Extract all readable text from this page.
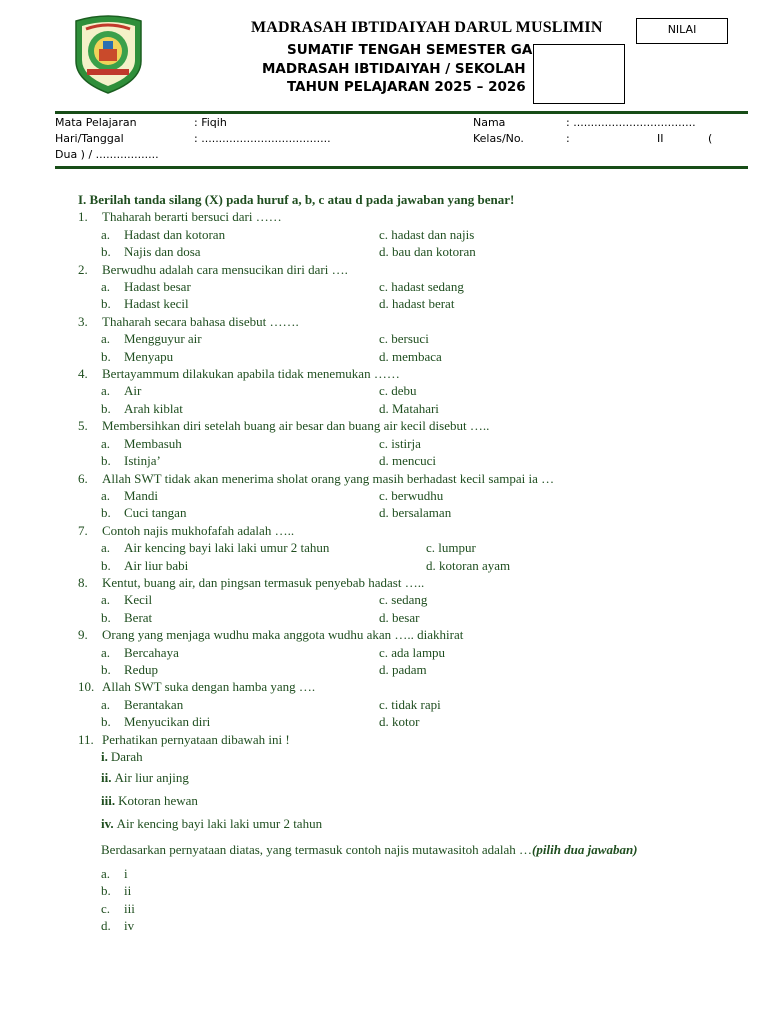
MADRASAH IBTIDAIYAH DARUL MUSLIMIN
SUMATIF TENGAH SEMESTER GA
MADRASAH IBTIDAIYAH / SEKOLAH
TAHUN PELAJARAN 2025 – 2026
NILAI
Mata Pelajaran	: Fiqih
Hari/Tanggal	: .....................................
Dua ) / ..................
Nama	: ...................................
Kelas/No.	:	II	(
I. Berilah tanda silang (X) pada huruf a, b, c atau d pada jawaban yang benar!
1.	Thaharah berarti bersuci dari ……
a.	Hadast dan kotoran	c. hadast dan najis
b.	Najis dan dosa	d. bau dan kotoran
2.	Berwudhu adalah cara mensucikan diri dari ….
a.	Hadast besar	c. hadast sedang
b.	Hadast kecil	d. hadast berat
3.	Thaharah secara bahasa disebut …….
a.	Mengguyur air	c. bersuci
b.	Menyapu	d. membaca
4.	Bertayammum dilakukan apabila tidak menemukan ……
a.	Air	c. debu
b.	Arah kiblat	d. Matahari
5.	Membersihkan diri setelah buang air besar dan buang air kecil disebut …..
a.	Membasuh	c. istirja
b.	Istinja’	d. mencuci
6.	Allah SWT tidak akan menerima sholat orang yang masih berhadast kecil sampai ia …
a.	Mandi	c. berwudhu
b.	Cuci tangan	d. bersalaman
7.	Contoh najis mukhofafah adalah …..
a.	Air kencing bayi laki laki umur 2 tahun	c. lumpur
b.	Air liur babi	d. kotoran ayam
8.	Kentut, buang air, dan pingsan termasuk penyebab hadast …..
a.	Kecil	c. sedang
b.	Berat	d. besar
9.	Orang yang menjaga wudhu maka anggota wudhu akan ….. diakhirat
a.	Bercahaya	c. ada lampu
b.	Redup	d. padam
10. Allah SWT suka dengan hamba yang ….
a.	Berantakan	c. tidak rapi
b.	Menyucikan diri	d. kotor
11. Perhatikan pernyataan dibawah ini !
i. Darah
ii. Air liur anjing
iii. Kotoran hewan
iv. Air kencing bayi laki laki umur 2 tahun
Berdasarkan pernyataan diatas, yang termasuk contoh najis mutawasitoh adalah …(pilih dua jawaban)
a.	i
b.	ii
c.	iii
d.	iv
